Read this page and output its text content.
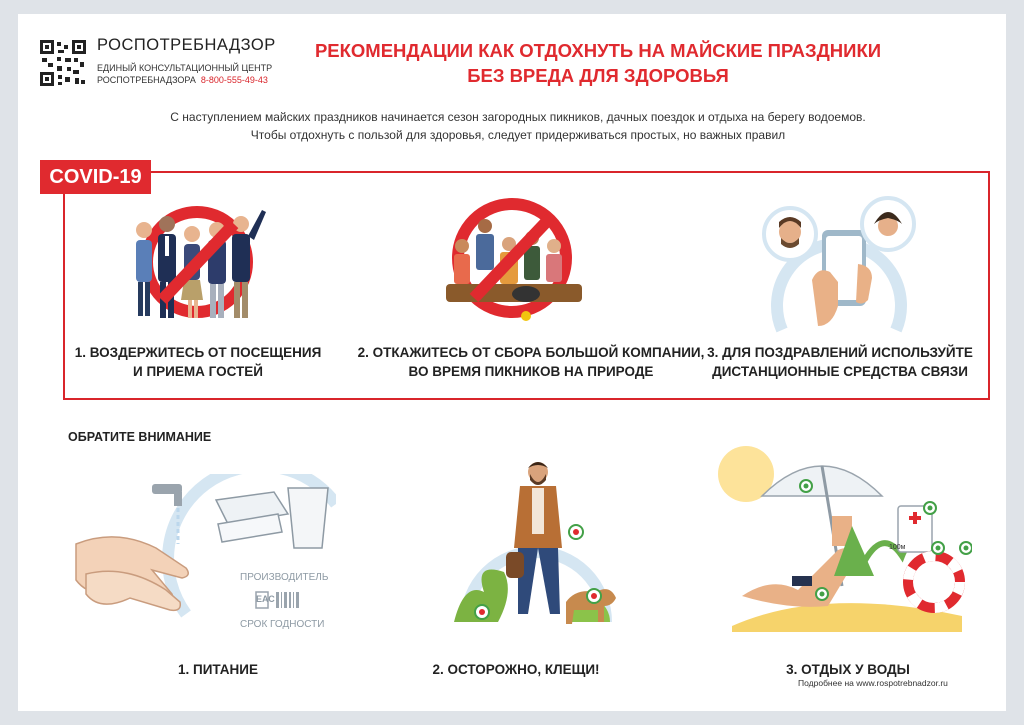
РОСПОТРЕБНАДЗОР
ЕДИНЫЙ КОНСУЛЬТАЦИОННЫЙ ЦЕНТР
РОСПОТРЕБНАДЗОРА 8-800-555-49-43
РЕКОМЕНДАЦИИ КАК ОТДОХНУТЬ НА МАЙСКИЕ ПРАЗДНИКИ
БЕЗ ВРЕДА ДЛЯ ЗДОРОВЬЯ
С наступлением майских праздников начинается сезон загородных пикников, дачных поездок и отдыха на берегу водоемов.
Чтобы отдохнуть с пользой для здоровья, следует придерживаться простых, но важных правил
COVID-19
1. ВОЗДЕРЖИТЕСЬ ОТ ПОСЕЩЕНИЯ
И ПРИЕМА ГОСТЕЙ
2. ОТКАЖИТЕСЬ ОТ СБОРА БОЛЬШОЙ КОМПАНИИ,
ВО ВРЕМЯ ПИКНИКОВ НА ПРИРОДЕ
3. ДЛЯ ПОЗДРАВЛЕНИЙ ИСПОЛЬЗУЙТЕ
ДИСТАНЦИОННЫЕ СРЕДСТВА СВЯЗИ
ОБРАТИТЕ ВНИМАНИЕ
ПРОИЗВОДИТЕЛЬ
ЕАС
СРОК ГОДНОСТИ
1. ПИТАНИЕ	2. ОСТОРОЖНО, КЛЕЩИ!
100м
3. ОТДЫХ У ВОДЫ
Подробнее на www.rospotrebnadzor.ru
